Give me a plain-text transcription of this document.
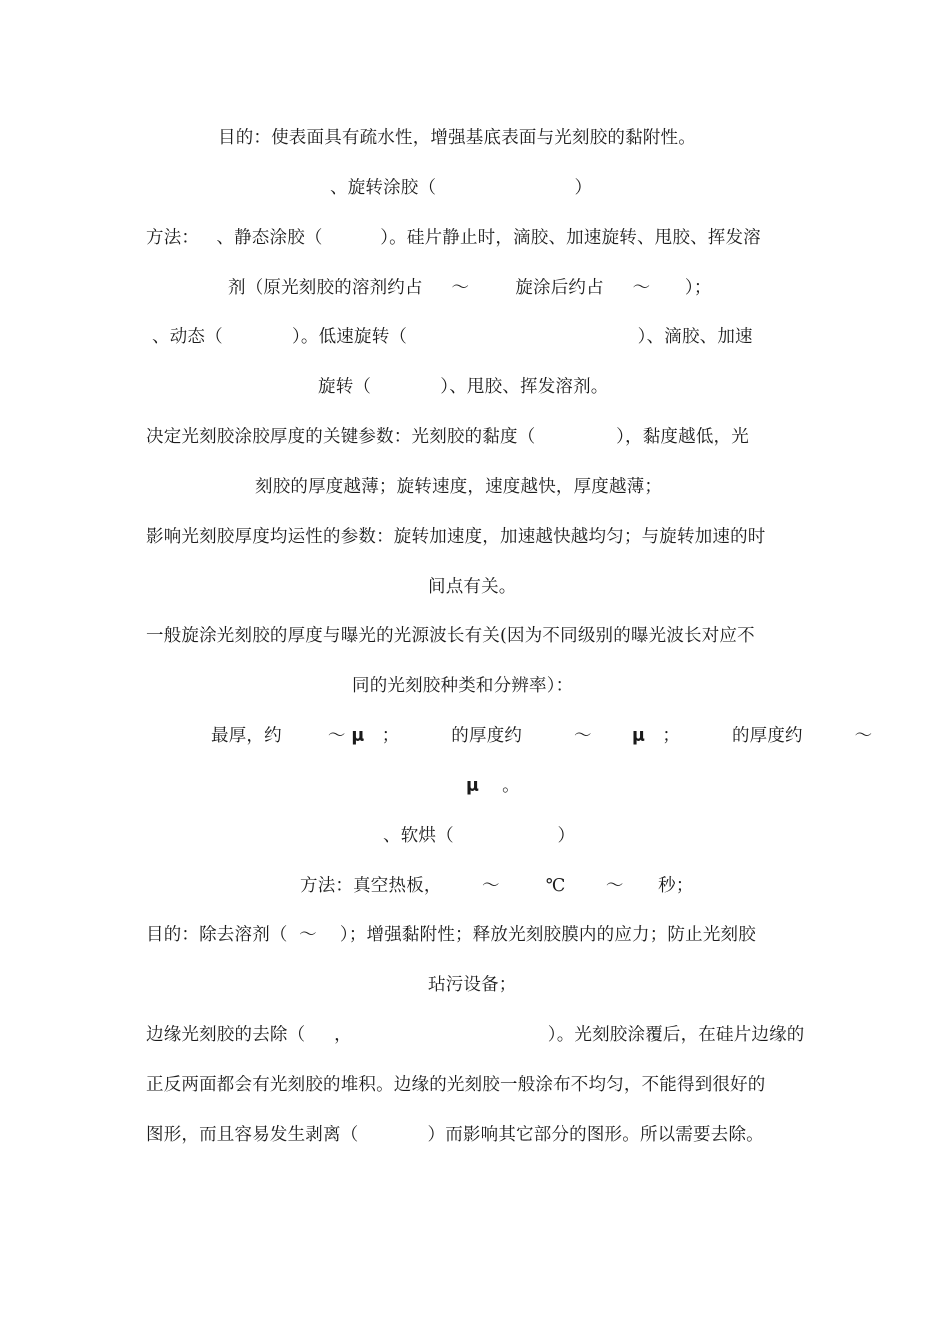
目的：使表面具有疏水性，增强基底表面与光刻胶的黏附性。
、旋转涂胶（                        ）
方法：   、静态涂胶（          ）。硅片静止时，滴胶、加速旋转、甩胶、挥发溶
剂（原光刻胶的溶剂约占     ～        旋涂后约占     ～      ）；
、动态（            ）。低速旋转（                                        ）、滴胶、加速
旋转（            ）、甩胶、挥发溶剂。
决定光刻胶涂胶厚度的关键参数：光刻胶的黏度（              ），黏度越低，光
刻胶的厚度越薄；旋转速度，速度越快，厚度越薄；
影响光刻胶厚度均运性的参数：旋转加速度，加速越快越均匀；与旋转加速的时
间点有关。
一般旋涂光刻胶的厚度与曝光的光源波长有关(因为不同级别的曝光波长对应不
同的光刻胶种类和分辨率）：
最厚，约        ～ μ   ；         的厚度约         ～       μ   ；         的厚度约         ～
μ    。
、软烘（                  ）
方法：真空热板，       ～        ℃       ～      秒；
目的：除去溶剂（  ～    ）；增强黏附性；释放光刻胶膜内的应力；防止光刻胶
玷污设备；
边缘光刻胶的去除（     ，                                  ）。光刻胶涂覆后，在硅片边缘的
正反两面都会有光刻胶的堆积。边缘的光刻胶一般涂布不均匀，不能得到很好的
图形，而且容易发生剥离（            ）而影响其它部分的图形。所以需要去除。
